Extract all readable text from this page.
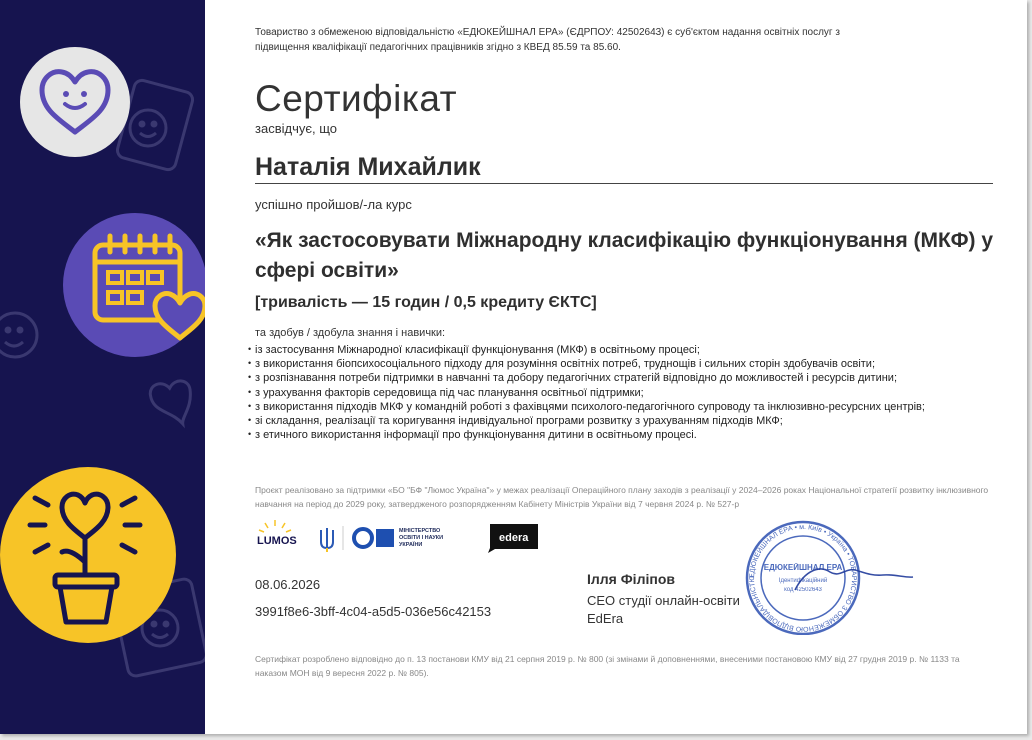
Товариство з обмеженою відповідальністю «ЕДЮКЕЙШНАЛ ЕРА» (ЄДРПОУ: 42502643) є суб'єктом надання освітніх послуг з підвищення кваліфікації педагогічних працівників згідно з КВЕД 85.59 та 85.60.
Сертифікат
засвідчує, що
Наталія Михайлик
успішно пройшов/-ла курс
«Як застосовувати Міжнародну класифікацію функціонування (МКФ) у сфері освіти»
[тривалість — 15 годин / 0,5 кредиту ЄКТС]
та здобув / здобула знання і навички:
• із застосування Міжнародної класифікації функціонування (МКФ) в освітньому процесі;
• з використання біопсихосоціального підходу для розуміння освітніх потреб, труднощів і сильних сторін здобувачів освіти;
• з розпізнавання потреби підтримки в навчанні та добору педагогічних стратегій відповідно до можливостей і ресурсів дитини;
• з урахування факторів середовища під час планування освітньої підтримки;
• з використання підходів МКФ у командній роботі з фахівцями психолого-педагогічного супроводу та інклюзивно-ресурсних центрів;
• зі складання, реалізації та коригування індивідуальної програми розвитку з урахуванням підходів МКФ;
• з етичного використання інформації про функціонування дитини в освітньому процесі.
Проєкт реалізовано за підтримки «БО "БФ "Люмос Україна"» у межах реалізації Операційного плану заходів з реалізації у 2024–2026 роках Національної стратегії розвитку інклюзивного навчання на період до 2029 року, затвердженого розпорядженням Кабінету Міністрів України від 7 червня 2024 р. № 527-р
LUMOS
МІНІСТЕРСТВО ОСВІТИ І НАУКИ УКРАЇНИ
edera
08.06.2026
3991f8e6-3bff-4c04-a5d5-036e56c42153
Ілля Філіпов
CEO студії онлайн-освіти EdEra
ЕДЮКЕЙШНАЛ ЕРА • м. Київ • Україна • ТОВАРИСТВО З ОБМЕЖЕНОЮ ВІДПОВІДАЛЬНІСТЮ
ЕДЮКЕЙШНАЛ ЕРА
Ідентифікаційний
код 42502643
Сертифікат розроблено відповідно до п. 13 постанови КМУ від 21 серпня 2019 р. № 800 (зі змінами й доповненнями, внесеними постановою КМУ від 27 грудня 2019 р. № 1133 та наказом МОН від 9 вересня 2022 р. № 805).
